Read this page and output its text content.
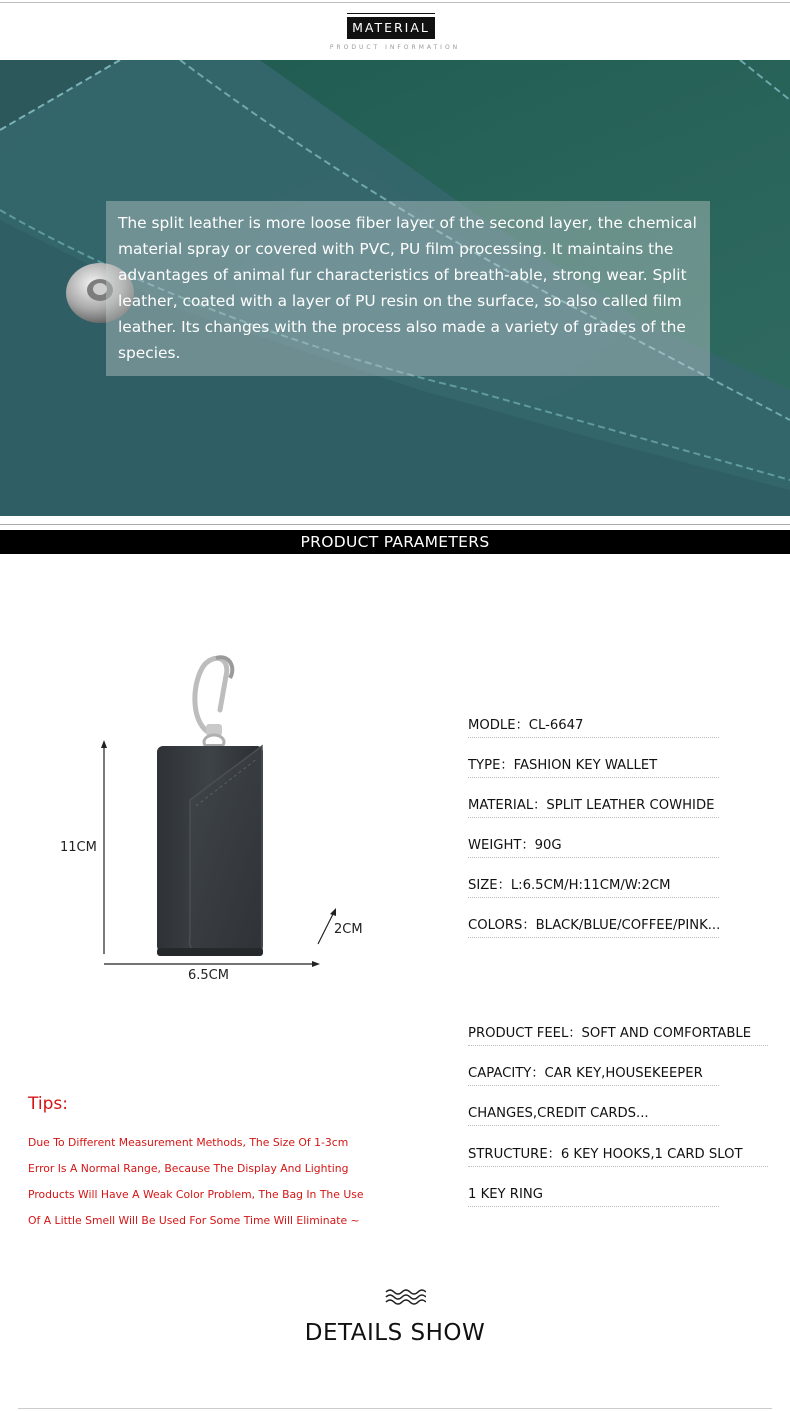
MATERIAL
PRODUCT INFORMATION

The split leather is more loose fiber layer of the second layer, the chemical material spray or covered with PVC, PU film processing. It maintains the advantages of animal fur characteristics of breath-able, strong wear. Split leather, coated with a layer of PU resin on the surface, so also called film leather. Its changes with the process also made a variety of grades of the species.

PRODUCT PARAMETERS
11CM
6.5CM
2CM
MODLE：CL-6647
TYPE：FASHION KEY WALLET
MATERIAL：SPLIT LEATHER COWHIDE
WEIGHT：90G
SIZE：L:6.5CM/H:11CM/W:2CM
COLORS：BLACK/BLUE/COFFEE/PINK...
PRODUCT FEEL：SOFT AND COMFORTABLE
CAPACITY：CAR KEY,HOUSEKEEPER
CHANGES,CREDIT CARDS...
STRUCTURE：6 KEY HOOKS,1 CARD SLOT
1 KEY RING
Tips:
Due To Different Measurement Methods, The Size Of 1-3cm
Error Is A Normal Range, Because The Display And Lighting
Products Will Have A Weak Color Problem, The Bag In The Use
Of A Little Smell Will Be Used For Some Time Will Eliminate ~
DETAILS SHOW
